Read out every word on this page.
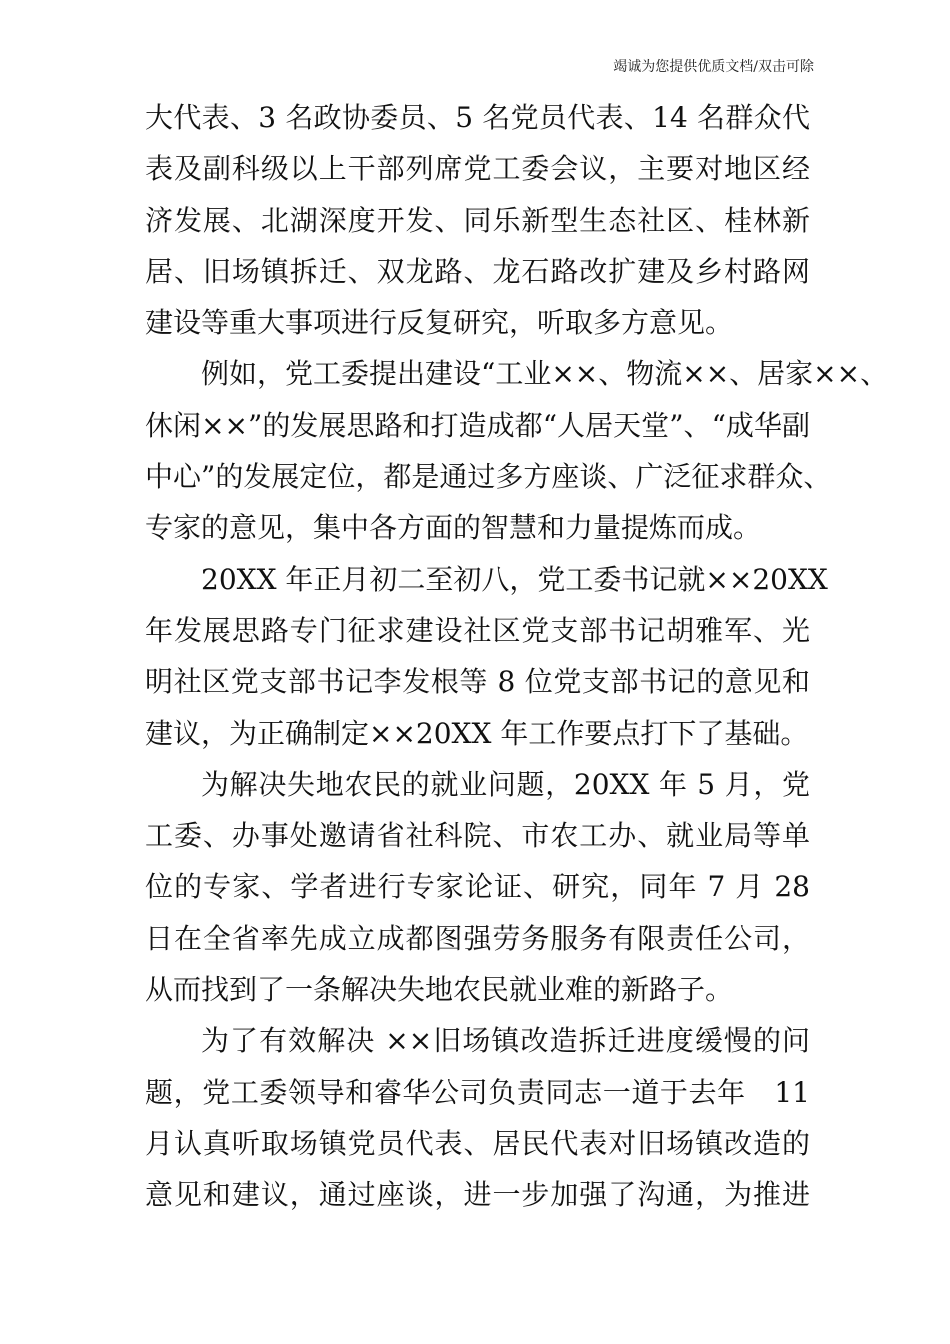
竭诚为您提供优质文档/双击可除
大代表、3 名政协委员、5 名党员代表、14 名群众代
表及副科级以上干部列席党工委会议，主要对地区经
济发展、北湖深度开发、同乐新型生态社区、桂林新
居、旧场镇拆迁、双龙路、龙石路改扩建及乡村路网
建设等重大事项进行反复研究，听取多方意见。
例如，党工委提出建设“工业××、物流××、居家××、
休闲××”的发展思路和打造成都“人居天堂”、“成华副
中心”的发展定位，都是通过多方座谈、广泛征求群众、
专家的意见，集中各方面的智慧和力量提炼而成。
20XX 年正月初二至初八，党工委书记就××20XX
年发展思路专门征求建设社区党支部书记胡雅军、光
明社区党支部书记李发根等 8 位党支部书记的意见和
建议，为正确制定××20XX 年工作要点打下了基础。
为解决失地农民的就业问题，20XX 年 5 月，党
工委、办事处邀请省社科院、市农工办、就业局等单
位的专家、学者进行专家论证、研究，同年 7 月 28
日在全省率先成立成都图强劳务服务有限责任公司，
从而找到了一条解决失地农民就业难的新路子。
为了有效解决 ××旧场镇改造拆迁进度缓慢的问
题，党工委领导和睿华公司负责同志一道于去年　11
月认真听取场镇党员代表、居民代表对旧场镇改造的
意见和建议，通过座谈，进一步加强了沟通，为推进
